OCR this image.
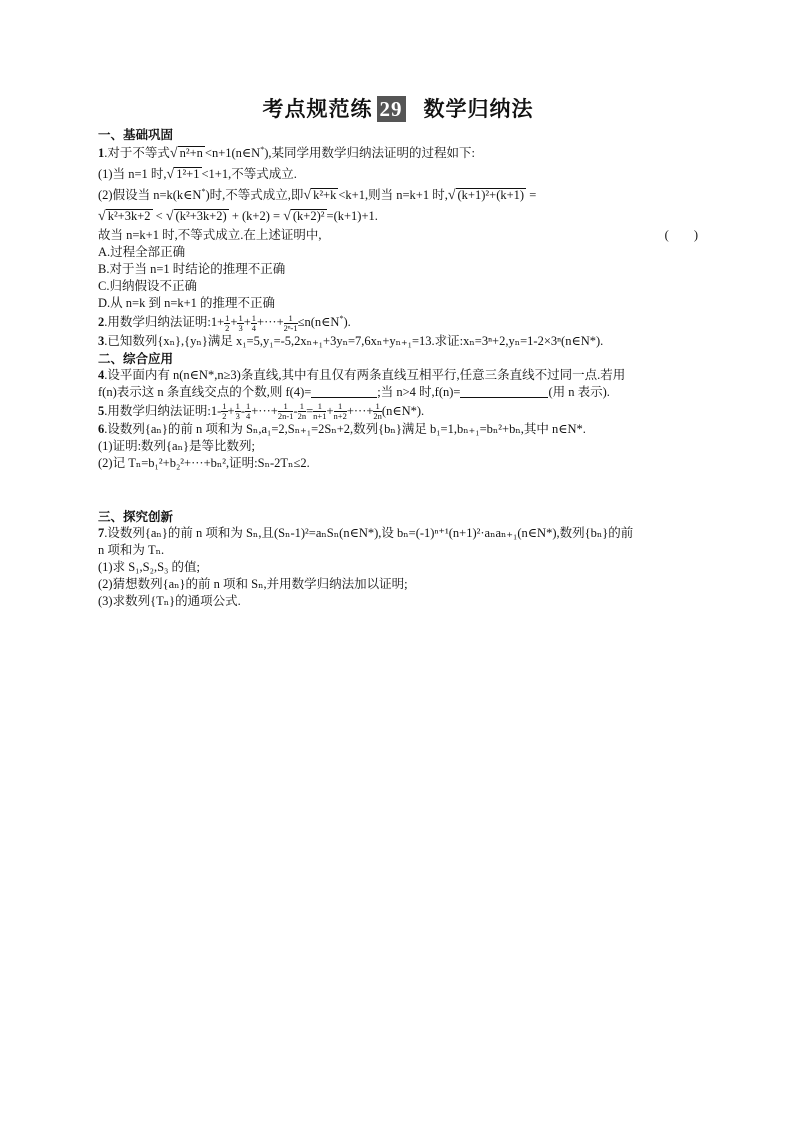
考点规范练 29 数学归纳法
一、基础巩固
1.对于不等式√ n²+n <n+1(n∈N*),某同学用数学归纳法证明的过程如下:
(1)当 n=1 时,√ 1²+1 <1+1,不等式成立.
(2)假设当 n=k(k∈N*)时,不等式成立,即√ k²+k <k+1,则当 n=k+1 时,√ (k+1)²+(k+1) =
√ k²+3k+2 < √ (k²+3k+2) + (k+2) = √ (k+2)² =(k+1)+1.
故当 n=k+1 时,不等式成立.在上述证明中,	(　　)
A.过程全部正确
B.对于当 n=1 时结论的推理不正确
C.归纳假设不正确
D.从 n=k 到 n=k+1 的推理不正确
2.用数学归纳法证明:1+ $\frac{1}{2} + \frac{1}{3} + \frac{1}{4}$ +···+ $\frac{1}{\text{2ⁿ-1}}$ ≤n(n∈N*).
3.已知数列{xₙ},{yₙ}满足 x₁=5,y₁=-5,2xₙ₊₁+3yₙ=7,6xₙ+yₙ₊₁=13.求证:xₙ=3ⁿ+2,yₙ=1-2×3ⁿ(n∈N*).
二、综合应用
4.设平面内有 n(n∈N*,n≥3)条直线,其中有且仅有两条直线互相平行,任意三条直线不过同一点.若用
f(n)表示这 n 条直线交点的个数,则 f(4)=	;当 n>4 时,f(n)=	(用 n 表示).
5.用数学归纳法证明:1- $\frac{1}{2} + \frac{1}{3} - \frac{1}{4}$ +···+ $\frac{1}{2n-1} - \frac{1}{2n} = \frac{1}{n+1} + \frac{1}{n+2}$ +···+ $\frac{1}{2n}$ (n∈N*).
6.设数列{aₙ}的前 n 项和为 Sₙ,a₁=2,Sₙ₊₁=2Sₙ+2,数列{bₙ}满足 b₁=1,bₙ₊₁=bₙ²+bₙ,其中 n∈N*.
(1)证明:数列{aₙ}是等比数列;
(2)记 Tₙ=b₁²+b₂²+···+bₙ²,证明:Sₙ-2Tₙ≤2.
三、探究创新
7.设数列{aₙ}的前 n 项和为 Sₙ,且(Sₙ-1)²=aₙSₙ(n∈N*),设 bₙ=(-1)ⁿ⁺¹(n+1)²·aₙaₙ₊₁(n∈N*),数列{bₙ}的前
n 项和为 Tₙ.
(1)求 S₁,S₂,S₃ 的值;
(2)猜想数列{aₙ}的前 n 项和 Sₙ,并用数学归纳法加以证明;
(3)求数列{Tₙ}的通项公式.
